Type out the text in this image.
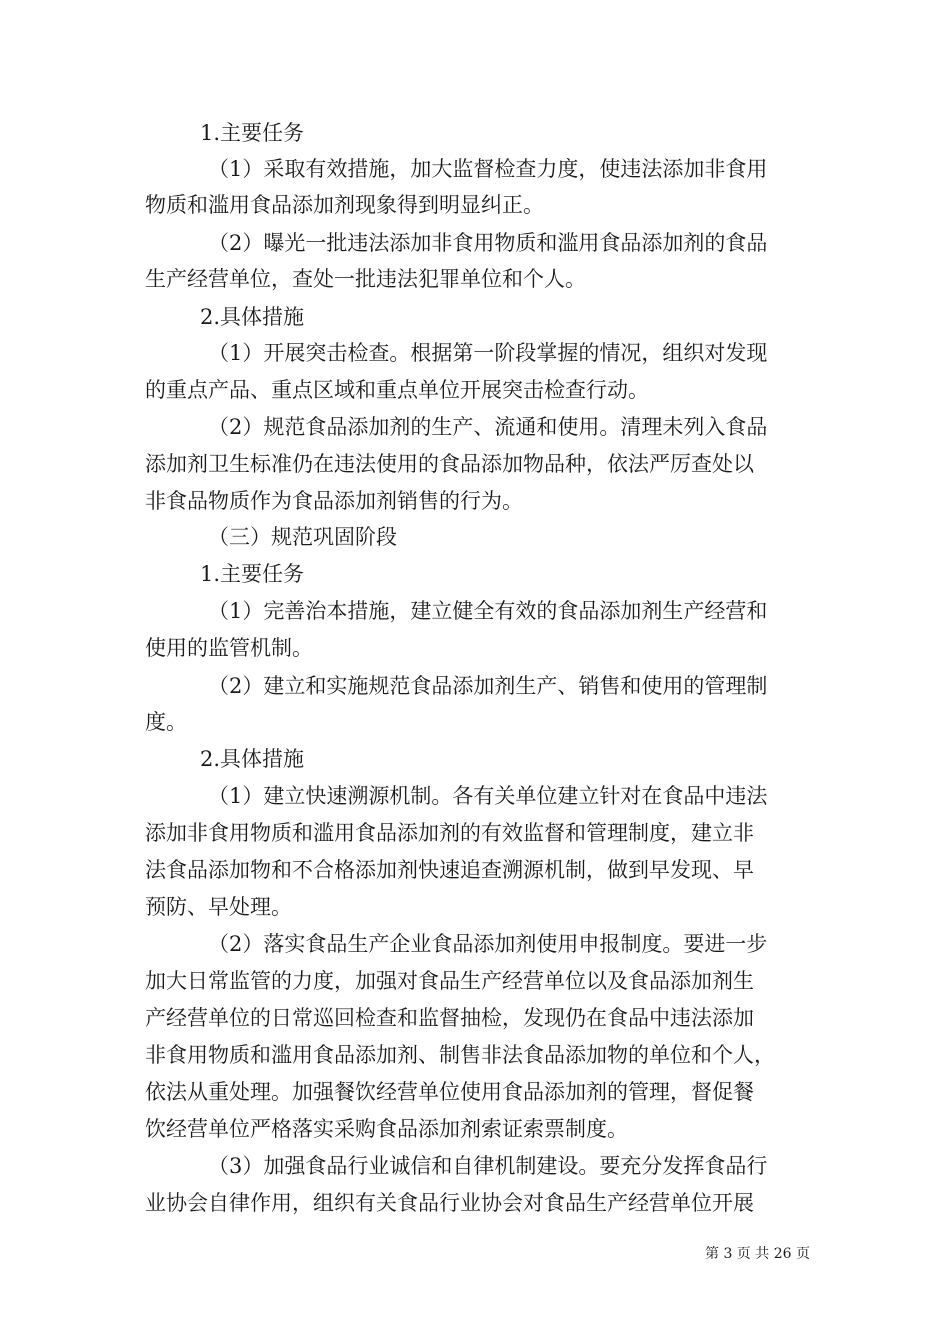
1.主要任务
（1）采取有效措施，加大监督检查力度，使违法添加非食用
物质和滥用食品添加剂现象得到明显纠正。
（2）曝光一批违法添加非食用物质和滥用食品添加剂的食品
生产经营单位，查处一批违法犯罪单位和个人。
2.具体措施
（1）开展突击检查。根据第一阶段掌握的情况，组织对发现
的重点产品、重点区域和重点单位开展突击检查行动。
（2）规范食品添加剂的生产、流通和使用。清理未列入食品
添加剂卫生标准仍在违法使用的食品添加物品种，依法严厉查处以
非食品物质作为食品添加剂销售的行为。
（三）规范巩固阶段
1.主要任务
（1）完善治本措施，建立健全有效的食品添加剂生产经营和
使用的监管机制。
（2）建立和实施规范食品添加剂生产、销售和使用的管理制
度。
2.具体措施
（1）建立快速溯源机制。各有关单位建立针对在食品中违法
添加非食用物质和滥用食品添加剂的有效监督和管理制度，建立非
法食品添加物和不合格添加剂快速追查溯源机制，做到早发现、早
预防、早处理。
（2）落实食品生产企业食品添加剂使用申报制度。要进一步
加大日常监管的力度，加强对食品生产经营单位以及食品添加剂生
产经营单位的日常巡回检查和监督抽检，发现仍在食品中违法添加
非食用物质和滥用食品添加剂、制售非法食品添加物的单位和个人，
依法从重处理。加强餐饮经营单位使用食品添加剂的管理，督促餐
饮经营单位严格落实采购食品添加剂索证索票制度。
（3）加强食品行业诚信和自律机制建设。要充分发挥食品行
业协会自律作用，组织有关食品行业协会对食品生产经营单位开展
第 3 页 共 26 页
